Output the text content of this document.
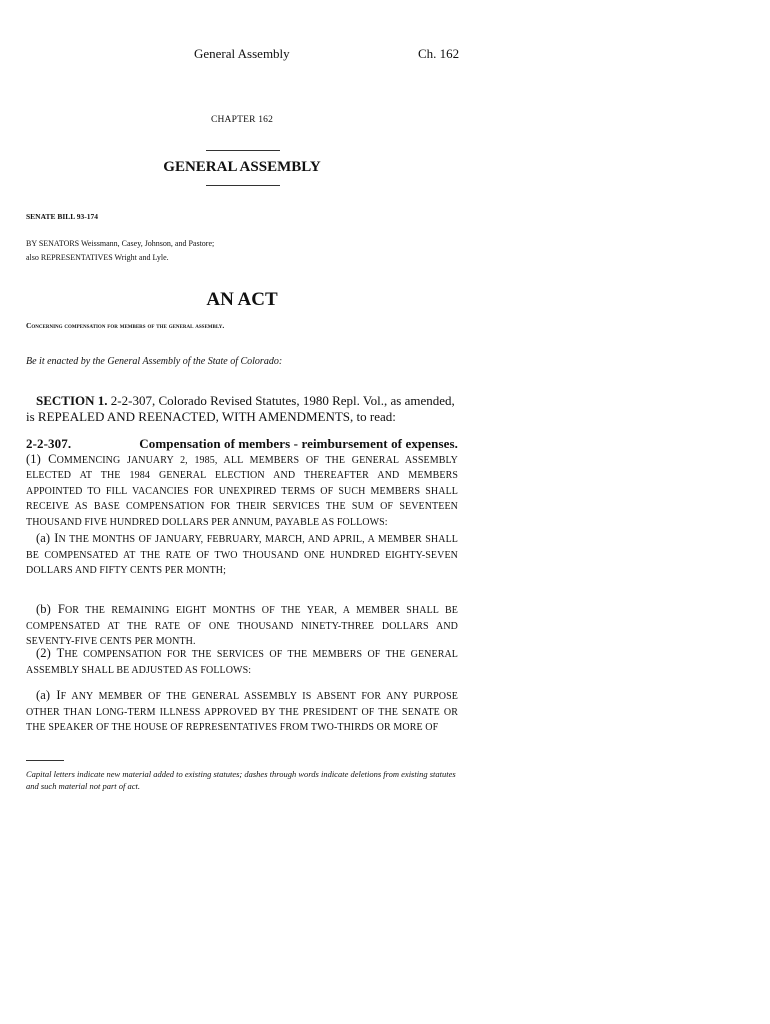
General Assembly	Ch. 162
CHAPTER 162
GENERAL ASSEMBLY
SENATE BILL 93-174
BY SENATORS Weissmann, Casey, Johnson, and Pastore;
also REPRESENTATIVES Wright and Lyle.
AN ACT
Concerning compensation for members of the general assembly.
Be it enacted by the General Assembly of the State of Colorado:
SECTION 1. 2-2-307, Colorado Revised Statutes, 1980 Repl. Vol., as amended, is REPEALED AND REENACTED, WITH AMENDMENTS, to read:
2-2-307.	Compensation of members - reimbursement of expenses.
(1) COMMENCING JANUARY 2, 1985, ALL MEMBERS OF THE GENERAL ASSEMBLY ELECTED AT THE 1984 GENERAL ELECTION AND THEREAFTER AND MEMBERS APPOINTED TO FILL VACANCIES FOR UNEXPIRED TERMS OF SUCH MEMBERS SHALL RECEIVE AS BASE COMPENSATION FOR THEIR SERVICES THE SUM OF SEVENTEEN THOUSAND FIVE HUNDRED DOLLARS PER ANNUM, PAYABLE AS FOLLOWS:
(a) IN THE MONTHS OF JANUARY, FEBRUARY, MARCH, AND APRIL, A MEMBER SHALL BE COMPENSATED AT THE RATE OF TWO THOUSAND ONE HUNDRED EIGHTY-SEVEN DOLLARS AND FIFTY CENTS PER MONTH;
(b) FOR THE REMAINING EIGHT MONTHS OF THE YEAR, A MEMBER SHALL BE COMPENSATED AT THE RATE OF ONE THOUSAND NINETY-THREE DOLLARS AND SEVENTY-FIVE CENTS PER MONTH.
(2) THE COMPENSATION FOR THE SERVICES OF THE MEMBERS OF THE GENERAL ASSEMBLY SHALL BE ADJUSTED AS FOLLOWS:
(a) IF ANY MEMBER OF THE GENERAL ASSEMBLY IS ABSENT FOR ANY PURPOSE OTHER THAN LONG-TERM ILLNESS APPROVED BY THE PRESIDENT OF THE SENATE OR THE SPEAKER OF THE HOUSE OF REPRESENTATIVES FROM TWO-THIRDS OR MORE OF
Capital letters indicate new material added to existing statutes; dashes through words indicate deletions from existing statutes and such material not part of act.
